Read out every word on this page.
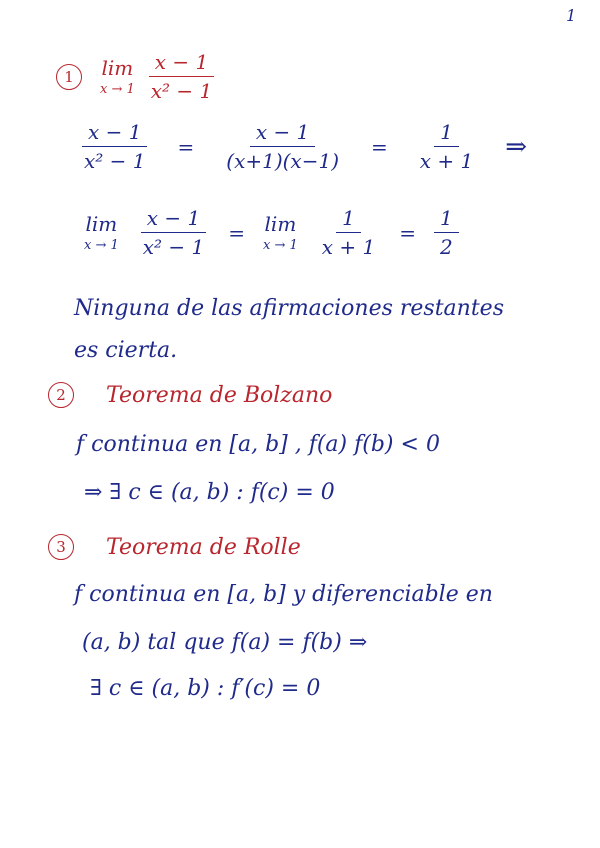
1
1	lim
$x \to 1 \frac{x - 1}{\text{x² − 1}}$
$\frac{x - 1}{\text{x² − 1}} = \frac{x - 1}{(x+1)(x-1)} = \frac{1}{x + 1}$ ⇒
lim
$x \to 1 \frac{x - 1}{\text{x² − 1}} = \lim$
$x \to 1 \frac{1}{x + 1} = \frac{1}{2}$
Ninguna de las afirmaciones restantes
es cierta.
2	Teorema de Bolzano
f continua en [a, b] , f(a) f(b) < 0
⇒ ∃ c ∈ (a, b) : f(c) = 0
3	Teorema de Rolle
f continua en [a, b] y diferenciable en
(a, b) tal que f(a) = f(b) ⇒
∃ c ∈ (a, b) : f′(c) = 0
